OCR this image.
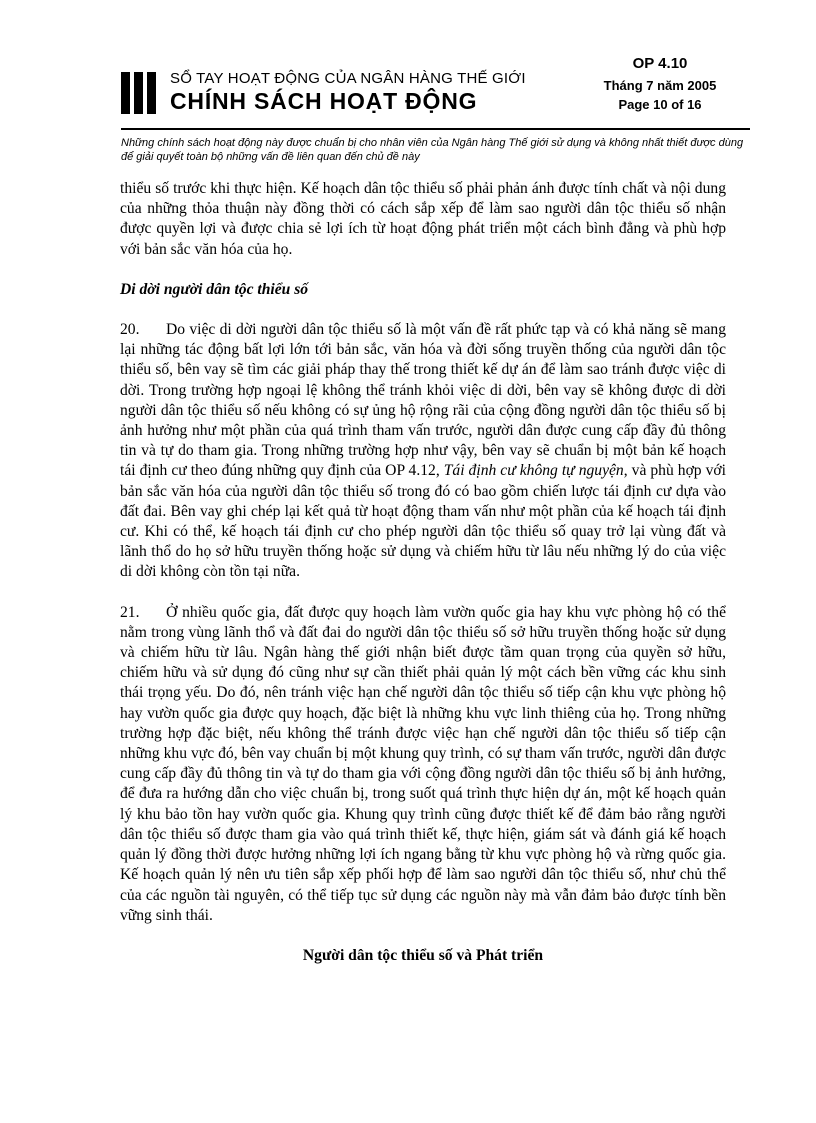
SỔ TAY HOẠT ĐỘNG CỦA NGÂN HÀNG THẾ GIỚI
CHÍNH SÁCH HOẠT ĐỘNG
OP 4.10
Tháng 7 năm 2005
Page 10 of 16
Những chính sách hoạt động này được chuẩn bị cho nhân viên của Ngân hàng Thế giới sử dụng và không nhất thiết được dùng để giải quyết toàn bộ những vấn đề liên quan đến chủ đề này

thiểu số trước khi thực hiện. Kế hoạch dân tộc thiểu số phải phản ánh được tính chất và nội dung của những thỏa thuận này đồng thời có cách sắp xếp để làm sao người dân tộc thiểu số nhận được quyền lợi và được chia sẻ lợi ích từ hoạt động phát triển một cách bình đẳng và phù hợp với bản sắc văn hóa của họ.

Di dời người dân tộc thiểu số

20. Do việc di dời người dân tộc thiểu số là một vấn đề rất phức tạp và có khả năng sẽ mang lại những tác động bất lợi lớn tới bản sắc, văn hóa và đời sống truyền thống của người dân tộc thiểu số, bên vay sẽ tìm các giải pháp thay thế trong thiết kế dự án để làm sao tránh được việc di dời. Trong trường hợp ngoại lệ không thể tránh khỏi việc di dời, bên vay sẽ không được di dời người dân tộc thiểu số nếu không có sự ủng hộ rộng rãi của cộng đồng người dân tộc thiểu số bị ảnh hưởng như một phần của quá trình tham vấn trước, người dân được cung cấp đầy đủ thông tin và tự do tham gia. Trong những trường hợp như vậy, bên vay sẽ chuẩn bị một bản kế hoạch tái định cư theo đúng những quy định của OP 4.12, Tái định cư không tự nguyện, và phù hợp với bản sắc văn hóa của người dân tộc thiểu số trong đó có bao gồm chiến lược tái định cư dựa vào đất đai. Bên vay ghi chép lại kết quả từ hoạt động tham vấn như một phần của kế hoạch tái định cư. Khi có thể, kế hoạch tái định cư cho phép người dân tộc thiểu số quay trở lại vùng đất và lãnh thổ do họ sở hữu truyền thống hoặc sử dụng và chiếm hữu từ lâu nếu những lý do của việc di dời không còn tồn tại nữa.

21. Ở nhiều quốc gia, đất được quy hoạch làm vườn quốc gia hay khu vực phòng hộ có thể nằm trong vùng lãnh thổ và đất đai do người dân tộc thiểu số sở hữu truyền thống hoặc sử dụng và chiếm hữu từ lâu. Ngân hàng thế giới nhận biết được tầm quan trọng của quyền sở hữu, chiếm hữu và sử dụng đó cũng như sự cần thiết phải quản lý một cách bền vững các khu sinh thái trọng yếu. Do đó, nên tránh việc hạn chế người dân tộc thiểu số tiếp cận khu vực phòng hộ hay vườn quốc gia được quy hoạch, đặc biệt là những khu vực linh thiêng của họ. Trong những trường hợp đặc biệt, nếu không thể tránh được việc hạn chế người dân tộc thiểu số tiếp cận những khu vực đó, bên vay chuẩn bị một khung quy trình, có sự tham vấn trước, người dân được cung cấp đầy đủ thông tin và tự do tham gia với cộng đồng người dân tộc thiểu số bị ảnh hưởng, để đưa ra hướng dẫn cho việc chuẩn bị, trong suốt quá trình thực hiện dự án, một kế hoạch quản lý khu bảo tồn hay vườn quốc gia. Khung quy trình cũng được thiết kế để đảm bảo rằng người dân tộc thiểu số được tham gia vào quá trình thiết kế, thực hiện, giám sát và đánh giá kế hoạch quản lý đồng thời được hưởng những lợi ích ngang bằng từ khu vực phòng hộ và rừng quốc gia. Kế hoạch quản lý nên ưu tiên sắp xếp phối hợp để làm sao người dân tộc thiểu số, như chủ thể của các nguồn tài nguyên, có thể tiếp tục sử dụng các nguồn này mà vẫn đảm bảo được tính bền vững sinh thái.

Người dân tộc thiểu số và Phát triển
